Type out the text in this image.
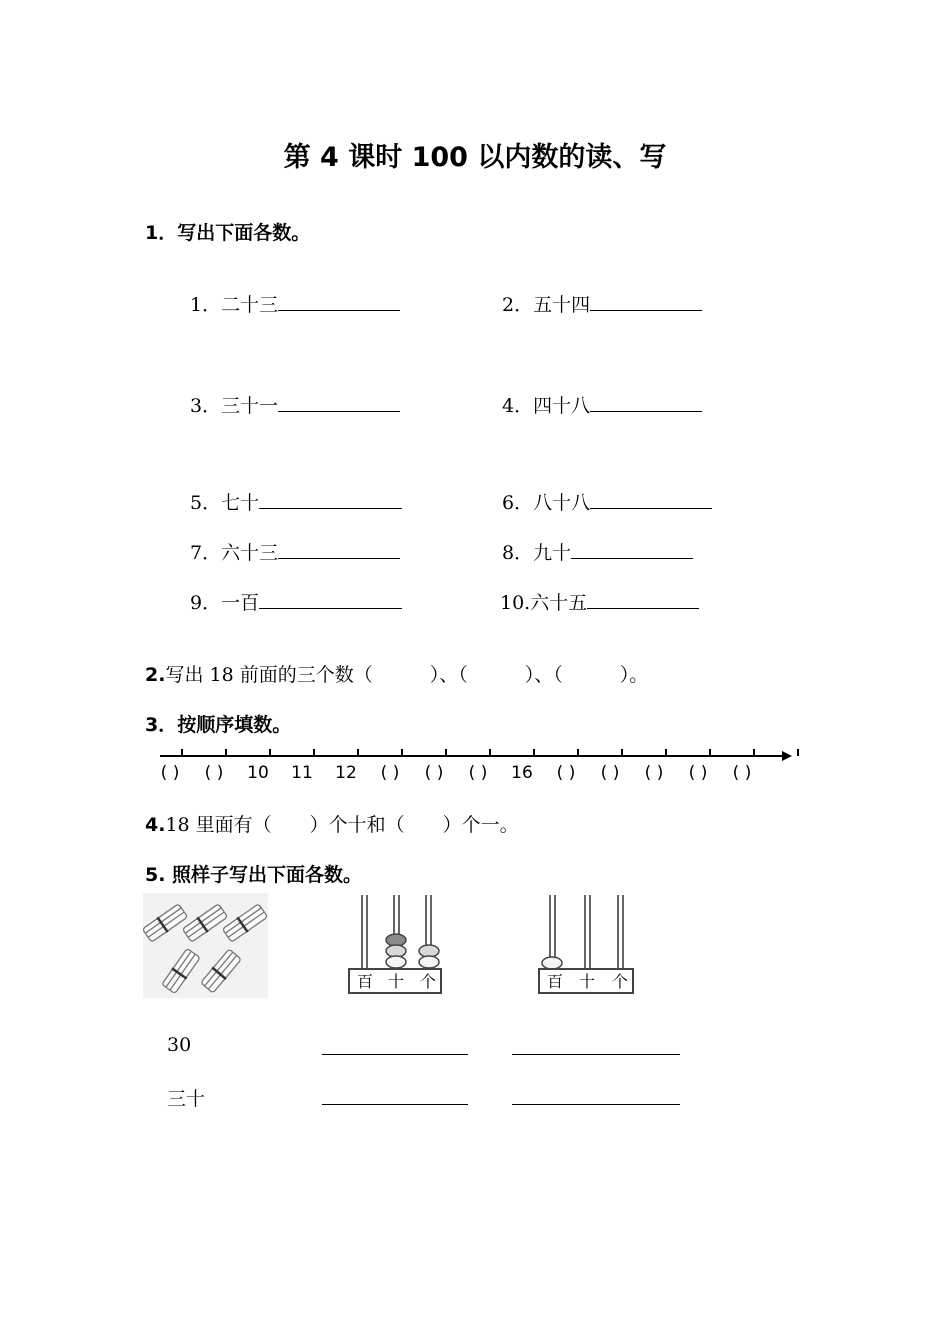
第 4 课时 100 以内数的读、写
1．写出下面各数。
1．二十三	2．五十四
3．三十一	4．四十八
5．七十	6．八十八
7．六十三	8．九十
9．一百	10.六十五
2.写出 18 前面的三个数（　　　）、（　　　）、（　　　）。
3．按顺序填数。
( ) ( ) 10 11 12 ( ) ( ) ( ) 16 ( ) ( ) ( ) ( ) ( )
4.18 里面有（　　）个十和（　　）个一。
5. 照样子写出下面各数。
百 十 个	百 十 个
30
三十
